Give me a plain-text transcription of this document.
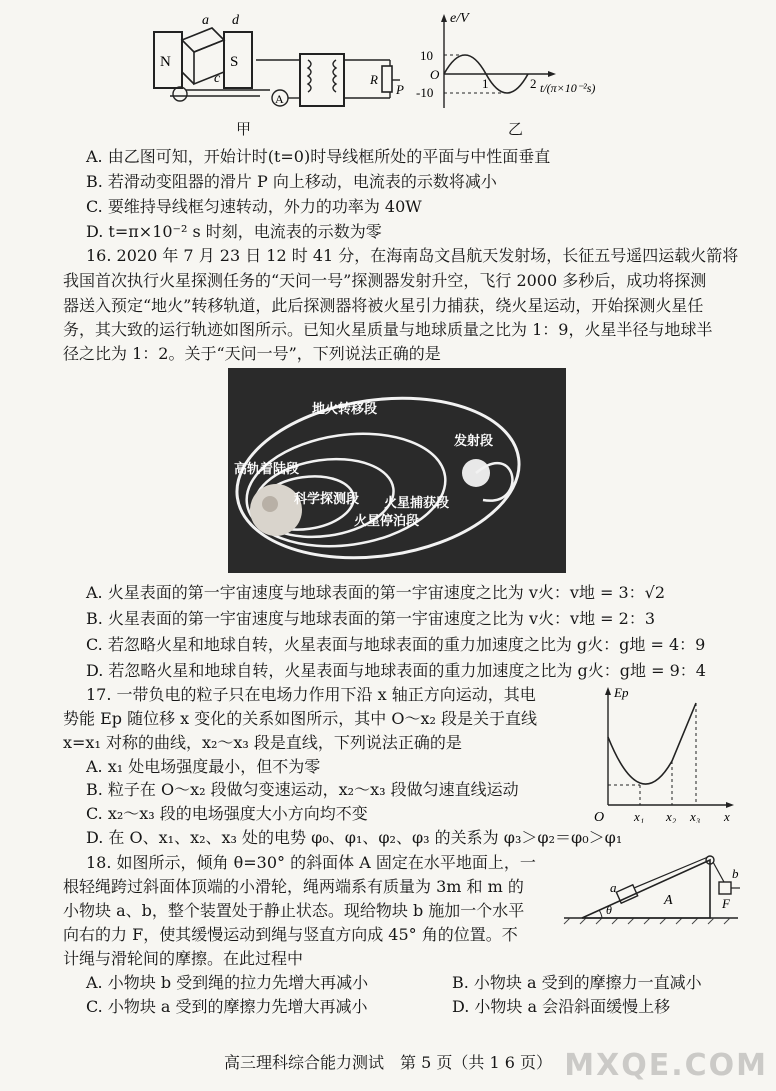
N	S
a d
c
A
R
P
甲
e/V
10
O
-10
1	2 t/(π×10⁻²s)
乙
A. 由乙图可知，开始计时(t=0)时导线框所处的平面与中性面垂直
B. 若滑动变阻器的滑片 P 向上移动，电流表的示数将减小
C. 要维持导线框匀速转动，外力的功率为 40W
D. t=π×10⁻² s 时刻，电流表的示数为零
16. 2020 年 7 月 23 日 12 时 41 分，在海南岛文昌航天发射场，长征五号遥四运载火箭将
我国首次执行火星探测任务的“天问一号”探测器发射升空，飞行 2000 多秒后，成功将探测
器送入预定“地火”转移轨道，此后探测器将被火星引力捕获，绕火星运动，开始探测火星任
务，其大致的运行轨迹如图所示。已知火星质量与地球质量之比为 1：9，火星半径与地球半
径之比为 1：2。关于“天问一号”，下列说法正确的是
地火转移段
高轨着陆段
发射段
科学探测段 火星捕获段
火星停泊段
A. 火星表面的第一宇宙速度与地球表面的第一宇宙速度之比为 v火：v地 = 3：√2
B. 火星表面的第一宇宙速度与地球表面的第一宇宙速度之比为 v火：v地 = 2：3
C. 若忽略火星和地球自转，火星表面与地球表面的重力加速度之比为 g火：g地 = 4：9
D. 若忽略火星和地球自转，火星表面与地球表面的重力加速度之比为 g火：g地 = 9：4
17. 一带负电的粒子只在电场力作用下沿 x 轴正方向运动，其电
势能 Ep 随位移 x 变化的关系如图所示，其中 O～x₂ 段是关于直线
x=x₁ 对称的曲线，x₂～x₃ 段是直线，下列说法正确的是
A. x₁ 处电场强度最小，但不为零
B. 粒子在 O～x₂ 段做匀变速运动，x₂～x₃ 段做匀速直线运动
C. x₂～x₃ 段的电场强度大小方向均不变
D. 在 O、x₁、x₂、x₃ 处的电势 φ₀、φ₁、φ₂、φ₃ 的关系为 φ₃＞φ₂＝φ₀＞φ₁
Ep
O x₁ x₂ x₃ x
18. 如图所示，倾角 θ=30° 的斜面体 A 固定在水平地面上，一
根轻绳跨过斜面体顶端的小滑轮，绳两端系有质量为 3m 和 m 的
小物块 a、b，整个装置处于静止状态。现给物块 b 施加一个水平
向右的力 F，使其缓慢运动到绳与竖直方向成 45° 角的位置。不
计绳与滑轮间的摩擦。在此过程中
A. 小物块 b 受到绳的拉力先增大再减小	B. 小物块 a 受到的摩擦力一直减小
C. 小物块 a 受到的摩擦力先增大再减小	D. 小物块 a 会沿斜面缓慢上移
a
b
A	F
θ
高三理科综合能力测试　第 5 页（共 1 6 页） MXQE.COM
